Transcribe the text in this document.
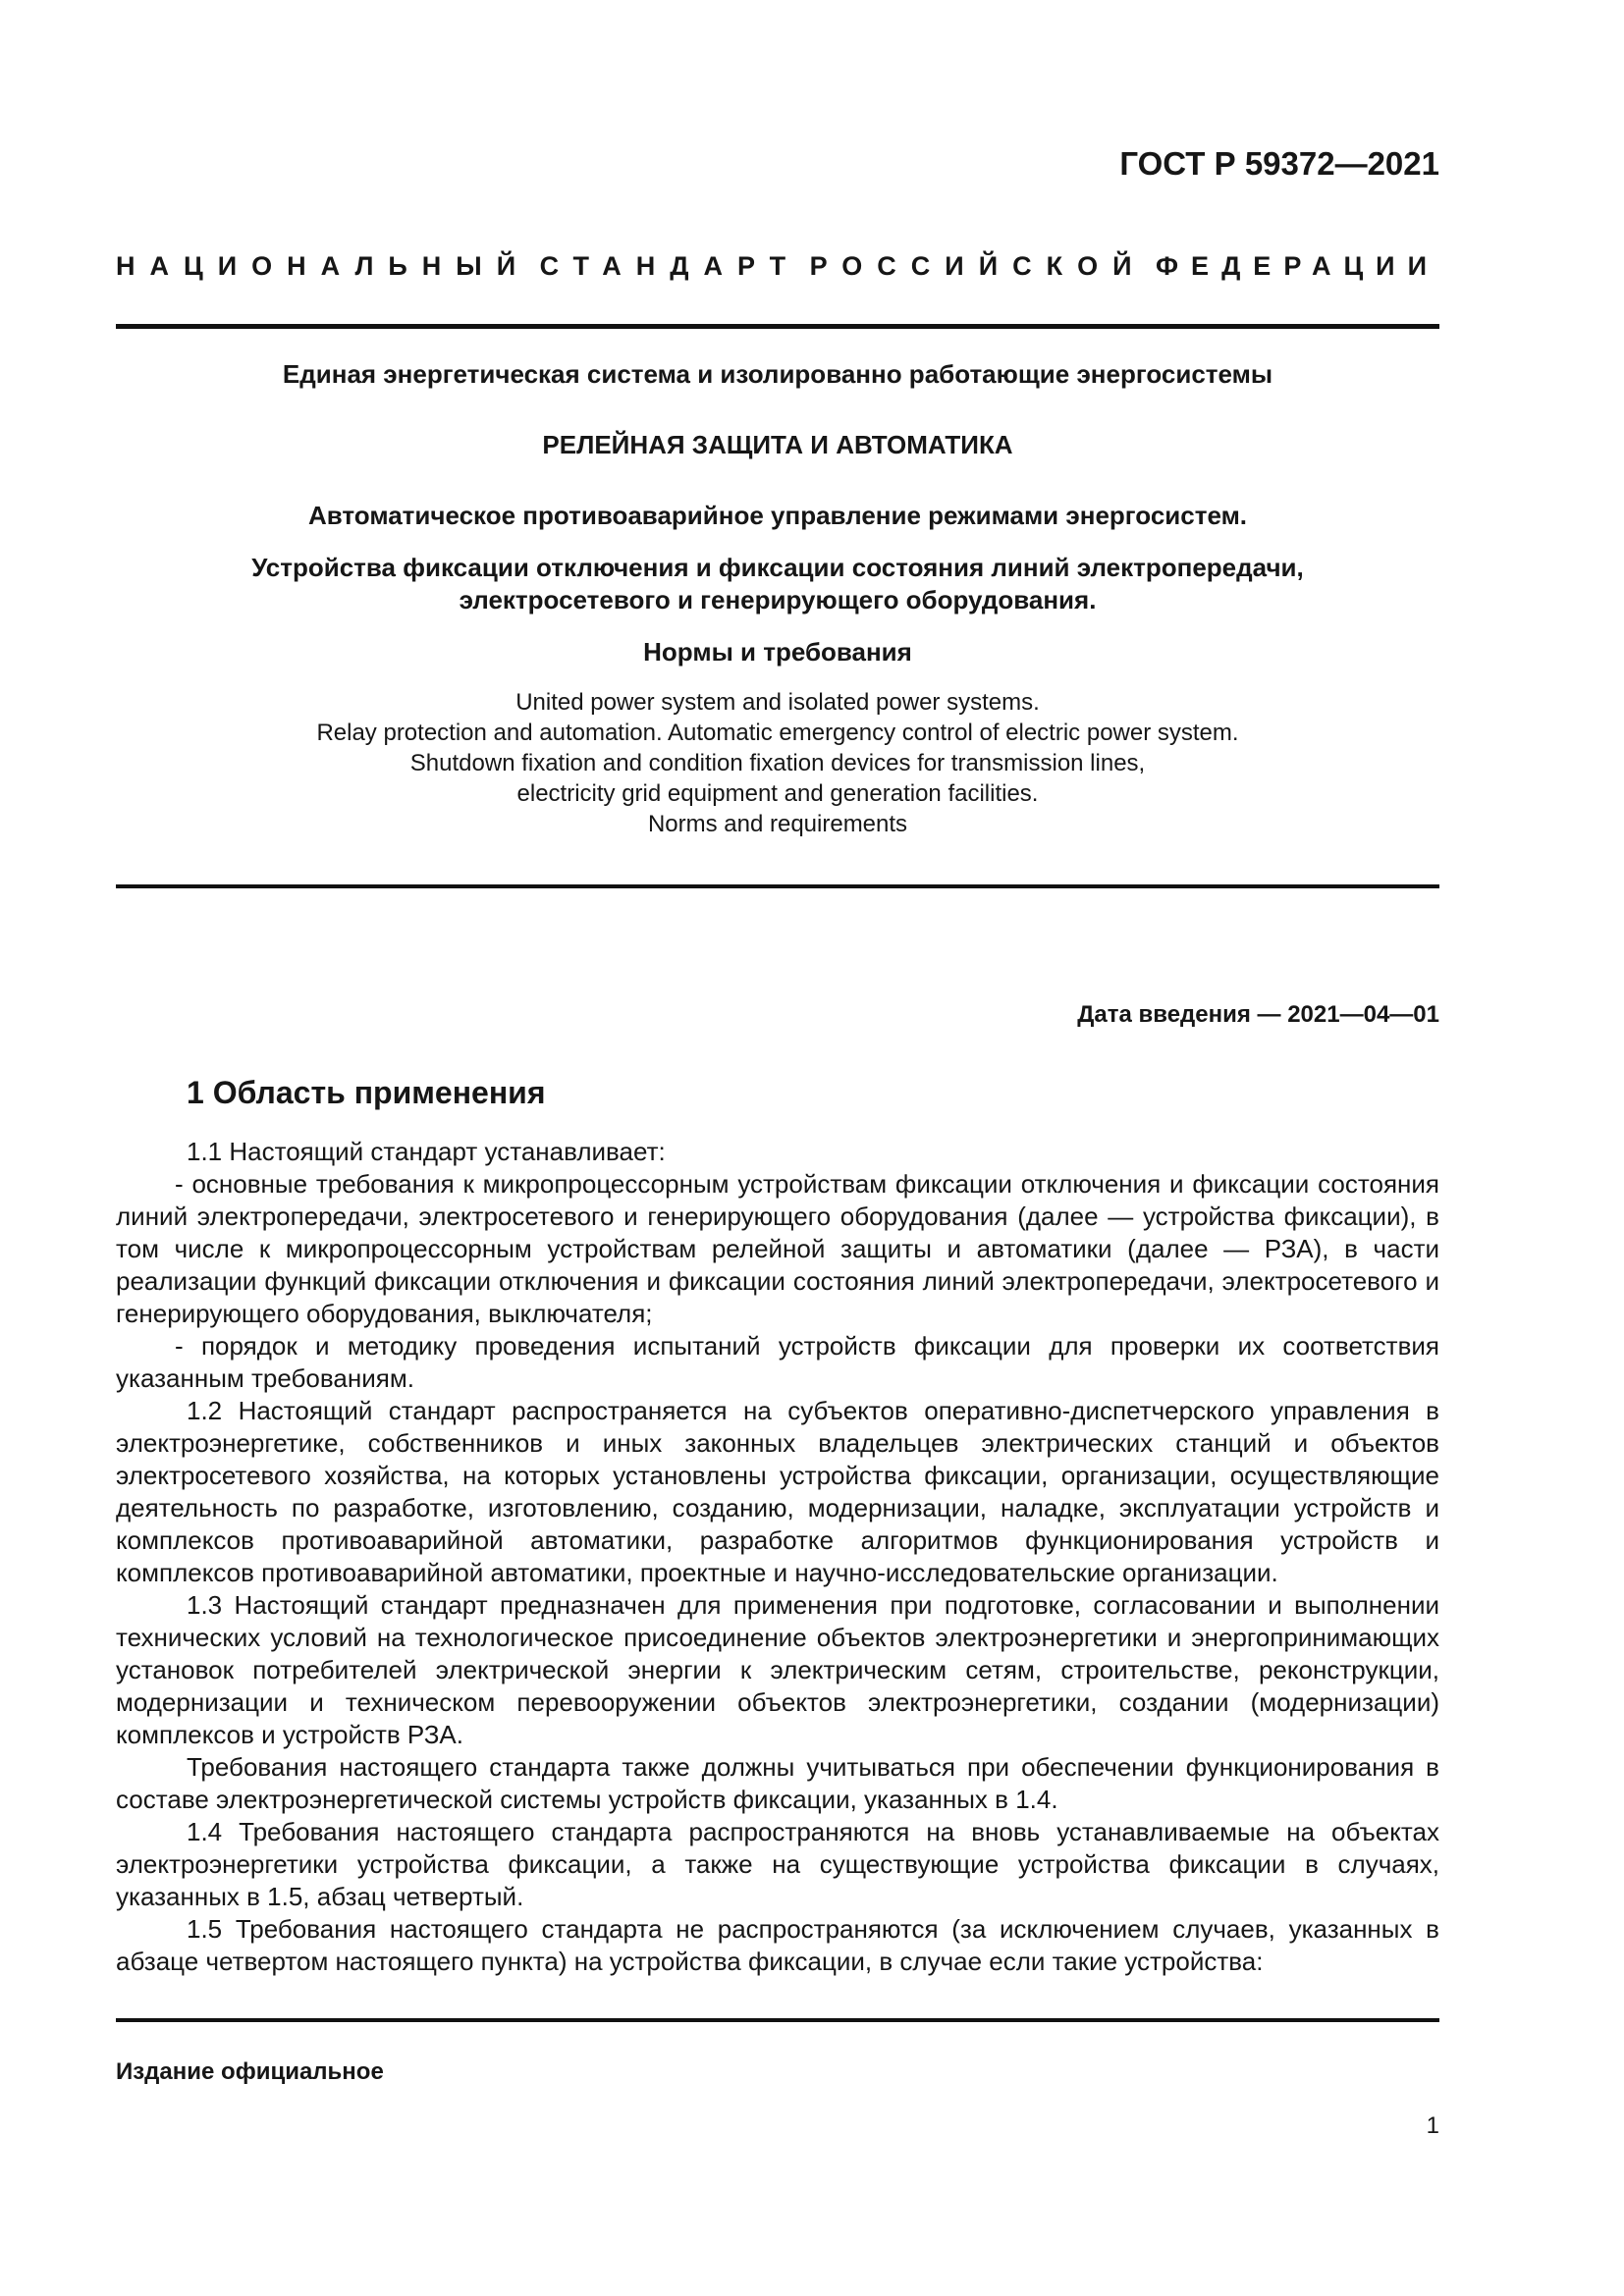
ГОСТ Р 59372—2021
НАЦИОНАЛЬНЫЙ СТАНДАРТ РОССИЙСКОЙ ФЕДЕРАЦИИ
Единая энергетическая система и изолированно работающие энергосистемы
РЕЛЕЙНАЯ ЗАЩИТА И АВТОМАТИКА
Автоматическое противоаварийное управление режимами энергосистем.
Устройства фиксации отключения и фиксации состояния линий электропередачи,
электросетевого и генерирующего оборудования.
Нормы и требования
United power system and isolated power systems.
Relay protection and automation. Automatic emergency control of electric power system.
Shutdown fixation and condition fixation devices for transmission lines,
electricity grid equipment and generation facilities.
Norms and requirements
Дата введения — 2021—04—01
1 Область применения

1.1 Настоящий стандарт устанавливает:

- основные требования к микропроцессорным устройствам фиксации отключения и фиксации состояния линий электропередачи, электросетевого и генерирующего оборудования (далее — устройства фиксации), в том числе к микропроцессорным устройствам релейной защиты и автоматики (далее — РЗА), в части реализации функций фиксации отключения и фиксации состояния линий электропередачи, электросетевого и генерирующего оборудования, выключателя;

- порядок и методику проведения испытаний устройств фиксации для проверки их соответствия указанным требованиям.

1.2 Настоящий стандарт распространяется на субъектов оперативно-диспетчерского управления в электроэнергетике, собственников и иных законных владельцев электрических станций и объектов электросетевого хозяйства, на которых установлены устройства фиксации, организации, осуществляющие деятельность по разработке, изготовлению, созданию, модернизации, наладке, эксплуатации устройств и комплексов противоаварийной автоматики, разработке алгоритмов функционирования устройств и комплексов противоаварийной автоматики, проектные и научно-исследовательские организации.

1.3 Настоящий стандарт предназначен для применения при подготовке, согласовании и выполнении технических условий на технологическое присоединение объектов электроэнергетики и энергопринимающих установок потребителей электрической энергии к электрическим сетям, строительстве, реконструкции, модернизации и техническом перевооружении объектов электроэнергетики, создании (модернизации) комплексов и устройств РЗА.

Требования настоящего стандарта также должны учитываться при обеспечении функционирования в составе электроэнергетической системы устройств фиксации, указанных в 1.4.

1.4 Требования настоящего стандарта распространяются на вновь устанавливаемые на объектах электроэнергетики устройства фиксации, а также на существующие устройства фиксации в случаях, указанных в 1.5, абзац четвертый.

1.5 Требования настоящего стандарта не распространяются (за исключением случаев, указанных в абзаце четвертом настоящего пункта) на устройства фиксации, в случае если такие устройства:

Издание официальное
1
